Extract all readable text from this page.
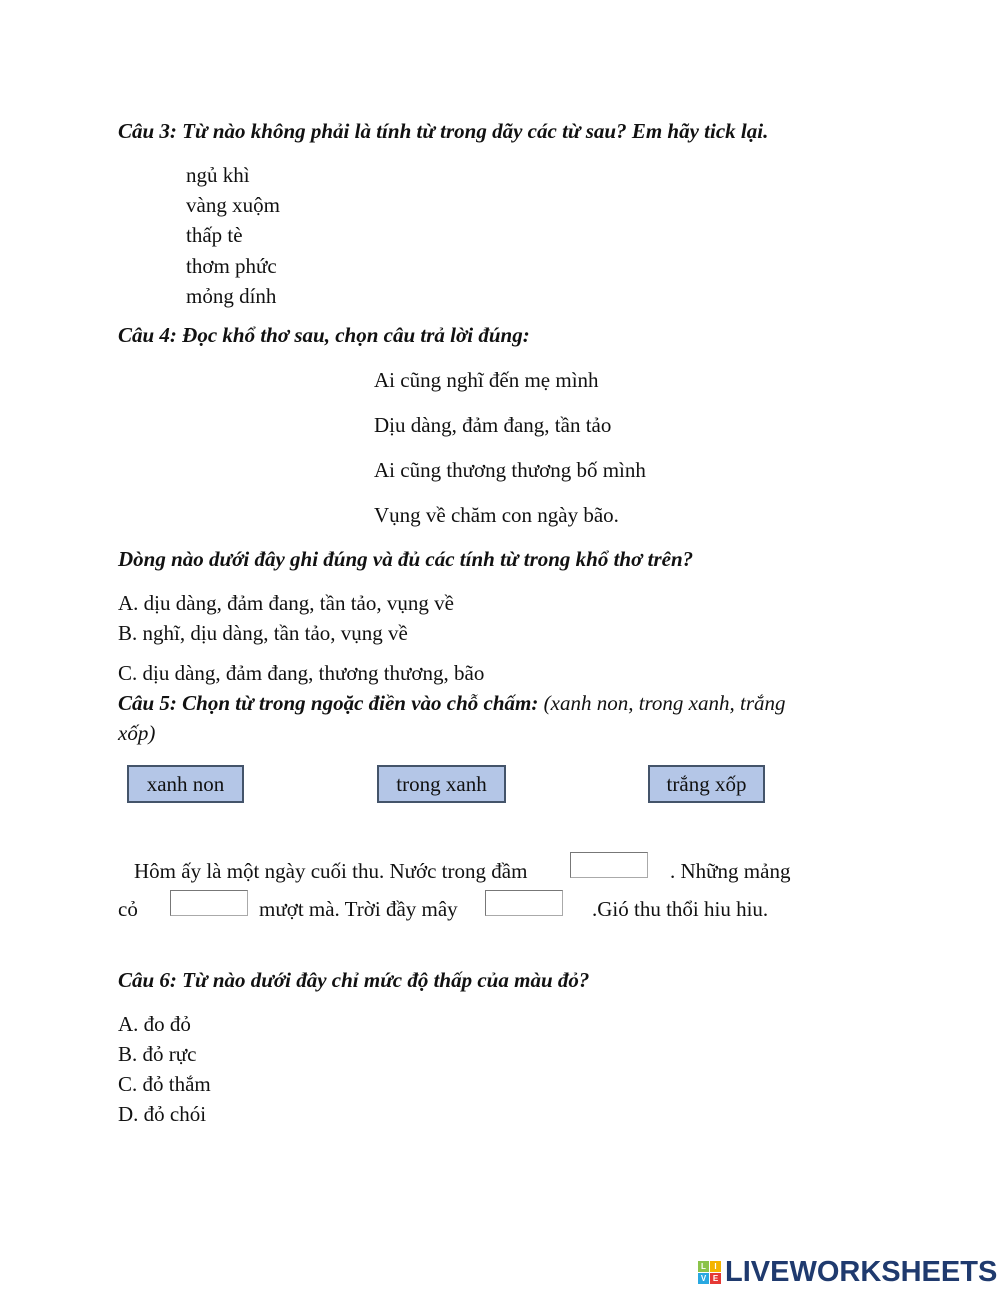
Câu 3: Từ nào không phải là tính từ trong dãy các từ sau? Em hãy tick lại.
ngủ khì
vàng xuộm
thấp tè
thơm phức
mỏng dính
Câu 4: Đọc khổ thơ sau, chọn câu trả lời đúng:
Ai cũng nghĩ đến mẹ mình
Dịu dàng, đảm đang, tần tảo
Ai cũng thương thương bố mình
Vụng về chăm con ngày bão.
Dòng nào dưới đây ghi đúng và đủ các tính từ trong khổ thơ trên?
A. dịu dàng, đảm đang, tần tảo, vụng về
B. nghĩ, dịu dàng, tần tảo, vụng về
C. dịu dàng, đảm đang, thương thương, bão
Câu 5: Chọn từ trong ngoặc điền vào chỗ chấm: (xanh non, trong xanh, trắng
xốp)
xanh non	trong xanh	trắng xốp
Hôm ấy là một ngày cuối thu. Nước trong đầm	. Những mảng
cỏ	mượt mà. Trời đầy mây	.Gió thu thổi hiu hiu.
Câu 6: Từ nào dưới đây chỉ mức độ thấp của màu đỏ?
A. đo đỏ
B. đỏ rực
C. đỏ thắm
D. đỏ chói
L	I
V E LIVEWORKSHEETS
